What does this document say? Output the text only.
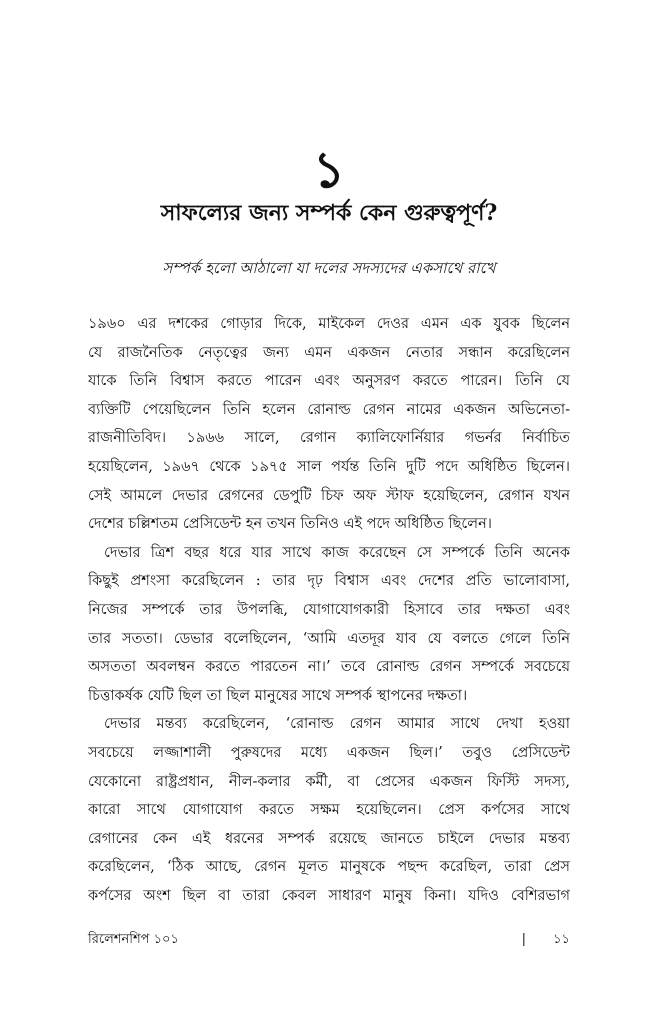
১
সাফল্যের জন্য সম্পর্ক কেন গুরুত্বপূর্ণ?
সম্পর্ক হলো আঠালো যা দলের সদস্যদের একসাথে রাখে
১৯৬০ এর দশকের গোড়ার দিকে, মাইকেল দেওর এমন এক যুবক ছিলেন
যে রাজনৈতিক নেতৃত্বের জন্য এমন একজন নেতার সন্ধান করেছিলেন
যাকে তিনি বিশ্বাস করতে পারেন এবং অনুসরণ করতে পারেন। তিনি যে
ব্যক্তিটি পেয়েছিলেন তিনি হলেন রোনাল্ড রেগন নামের একজন অভিনেতা-
রাজনীতিবিদ। ১৯৬৬ সালে, রেগান ক্যালিফোর্নিয়ার গভর্নর নির্বাচিত
হয়েছিলেন, ১৯৬৭ থেকে ১৯৭৫ সাল পর্যন্ত তিনি দুটি পদে অধিষ্ঠিত ছিলেন।
সেই আমলে দেভার রেগনের ডেপুটি চিফ অফ স্টাফ হয়েছিলেন, রেগান যখন
দেশের চল্লিশতম প্রেসিডেন্ট হন তখন তিনিও এই পদে অধিষ্ঠিত ছিলেন।
দেভার ত্রিশ বছর ধরে যার সাথে কাজ করেছেন সে সম্পর্কে তিনি অনেক
কিছুই প্রশংসা করেছিলেন : তার দৃঢ় বিশ্বাস এবং দেশের প্রতি ভালোবাসা,
নিজের সম্পর্কে তার উপলব্ধি, যোগাযোগকারী হিসাবে তার দক্ষতা এবং
তার সততা। ডেভার বলেছিলেন, ‘আমি এতদূর যাব যে বলতে গেলে তিনি
অসততা অবলম্বন করতে পারতেন না।’ তবে রোনাল্ড রেগন সম্পর্কে সবচেয়ে
চিত্তাকর্ষক যেটি ছিল তা ছিল মানুষের সাথে সম্পর্ক স্থাপনের দক্ষতা।
দেভার মন্তব্য করেছিলেন, ‘রোনাল্ড রেগন আমার সাথে দেখা হওয়া
সবচেয়ে লজ্জাশালী পুরুষদের মধ্যে একজন ছিল।’ তবুও প্রেসিডেন্ট
যেকোনো রাষ্ট্রপ্রধান, নীল-কলার কর্মী, বা প্রেসের একজন ফিস্টি সদস্য,
কারো সাথে যোগাযোগ করতে সক্ষম হয়েছিলেন। প্রেস কর্পসের সাথে
রেগানের কেন এই ধরনের সম্পর্ক রয়েছে জানতে চাইলে দেভার মন্তব্য
করেছিলেন, ‘ঠিক আছে, রেগন মূলত মানুষকে পছন্দ করেছিল, তারা প্রেস
কর্পসের অংশ ছিল বা তারা কেবল সাধারণ মানুষ কিনা। যদিও বেশিরভাগ
রিলেশনশিপ ১০১	| ১১
